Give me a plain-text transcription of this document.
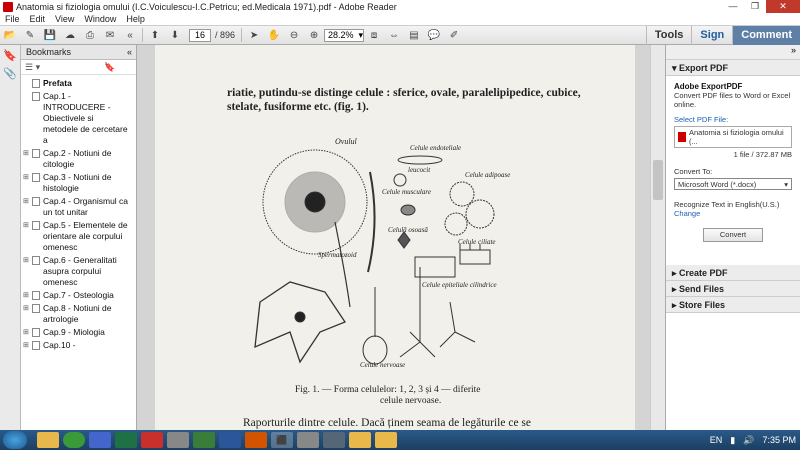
Anatomia si fiziologia omului (I.C.Voiculescu-I.C.Petricu; ed.Medicala 1971).pdf - Adobe Reader	—	❐	✕
File	Edit	View	Window	Help
📂 ✎ 💾 ☁	⎙	✉	«	⬆	⬇	16	/ 896	➤ ✋ ⊖	⊕	28.2% ▾ ⧈	⇔	▤ 💬 ✐	Tools	Sign	Comment
🔖
📎
Bookmarks	«
☰ ▾	🔖
Prefata
Cap.1 - INTRODUCERE - Obiectivele si metodele de cercetare a
⊞	Cap.2 - Notiuni de citologie
⊞	Cap.3 - Notiuni de histologie
⊞	Cap.4 - Organismul ca un tot unitar
⊞	Cap.5 - Elementele de orientare ale corpului omenesc
⊞	Cap.6 - Generalitati asupra corpului omenesc
⊞	Cap.7 - Osteologia
⊞	Cap.8 - Notiuni de artrologie
⊞	Cap.9 - Miologia
⊞	Cap.10 -
riatie, putindu-se distinge celule : sferice, ovale, paralelipipedice, cubice,
stelate, fusiforme etc. (fig. 1).
Ovulul
Celule endoteliale
leucocit
Celule musculare
Celule adipoase
Celulă osoasă
Celule ciliate
Celule epiteliale cilindrice
Spermatozoid
Celule nervoase
Fig. 1. — Forma celulelor: 1, 2, 3 și 4 — diferite
celule nervoase.
Raporturile dintre celule. Dacă ținem seama de legăturile ce se
»
▾ Export PDF
Adobe ExportPDF
Convert PDF files to Word or Excel online.
Select PDF File:
Anatomia si fiziologia omului (...
1 file / 372.87 MB
Convert To:
Microsoft Word (*.docx)	▾
Recognize Text in English(U.S.)
Change
Convert
▸ Create PDF
▸ Send Files
▸ Store Files
⬛	EN ▮ 🔊 7:35 PM
